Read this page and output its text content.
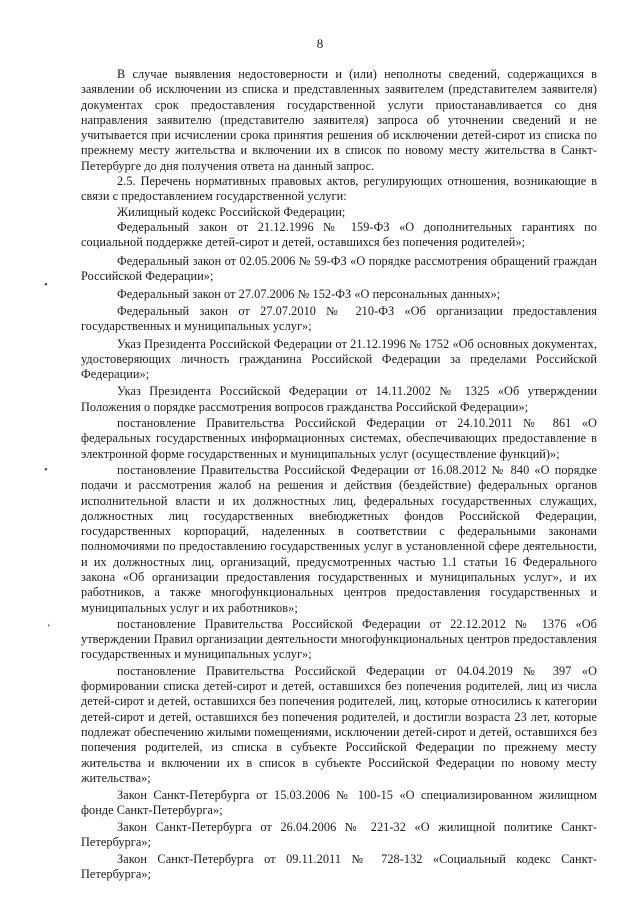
8
•
•
‘

В случае выявления недостоверности и (или) неполноты сведений, содержащихся в заявлении об исключении из списка и представленных заявителем (представителем заявителя) документах срок предоставления государственной услуги приостанавливается со дня направления заявителю (представителю заявителя) запроса об уточнении сведений и не учитывается при исчислении срока принятия решения об исключении детей-сирот из списка по прежнему месту жительства и включении их в список по новому месту жительства в Санкт-Петербурге до дня получения ответа на данный запрос.

2.5. Перечень нормативных правовых актов, регулирующих отношения, возникающие в связи с предоставлением государственной услуги:

Жилищный кодекс Российской Федерации;

Федеральный закон от 21.12.1996 № 159-ФЗ «О дополнительных гарантиях по социальной поддержке детей-сирот и детей, оставшихся без попечения родителей»;

Федеральный закон от 02.05.2006 № 59-ФЗ «О порядке рассмотрения обращений граждан Российской Федерации»;

Федеральный закон от 27.07.2006 № 152-ФЗ «О персональных данных»;

Федеральный закон от 27.07.2010 № 210-ФЗ «Об организации предоставления государственных и муниципальных услуг»;

Указ Президента Российской Федерации от 21.12.1996 № 1752 «Об основных документах, удостоверяющих личность гражданина Российской Федерации за пределами Российской Федерации»;

Указ Президента Российской Федерации от 14.11.2002 № 1325 «Об утверждении Положения о порядке рассмотрения вопросов гражданства Российской Федерации»;

постановление Правительства Российской Федерации от 24.10.2011 № 861 «О федеральных государственных информационных системах, обеспечивающих предоставление в электронной форме государственных и муниципальных услуг (осуществление функций)»;

постановление Правительства Российской Федерации от 16.08.2012 № 840 «О порядке подачи и рассмотрения жалоб на решения и действия (бездействие) федеральных органов исполнительной власти и их должностных лиц, федеральных государственных служащих, должностных лиц государственных внебюджетных фондов Российской Федерации, государственных корпораций, наделенных в соответствии с федеральными законами полномочиями по предоставлению государственных услуг в установленной сфере деятельности, и их должностных лиц, организаций, предусмотренных частью 1.1 статьи 16 Федерального закона «Об организации предоставления государственных и муниципальных услуг», и их работников, а также многофункциональных центров предоставления государственных и муниципальных услуг и их работников»;

постановление Правительства Российской Федерации от 22.12.2012 № 1376 «Об утверждении Правил организации деятельности многофункциональных центров предоставления государственных и муниципальных услуг»;

постановление Правительства Российской Федерации от 04.04.2019 № 397 «О формировании списка детей-сирот и детей, оставшихся без попечения родителей, лиц из числа детей-сирот и детей, оставшихся без попечения родителей, лиц, которые относились к категории детей-сирот и детей, оставшихся без попечения родителей, и достигли возраста 23 лет, которые подлежат обеспечению жилыми помещениями, исключении детей-сирот и детей, оставшихся без попечения родителей, из списка в субъекте Российской Федерации по прежнему месту жительства и включении их в список в субъекте Российской Федерации по новому месту жительства»;

Закон Санкт-Петербурга от 15.03.2006 № 100-15 «О специализированном жилищном фонде Санкт-Петербурга»;

Закон Санкт-Петербурга от 26.04.2006 № 221-32 «О жилищной политике Санкт-Петербурга»;

Закон Санкт-Петербурга от 09.11.2011 № 728-132 «Социальный кодекс Санкт-Петербурга»;
